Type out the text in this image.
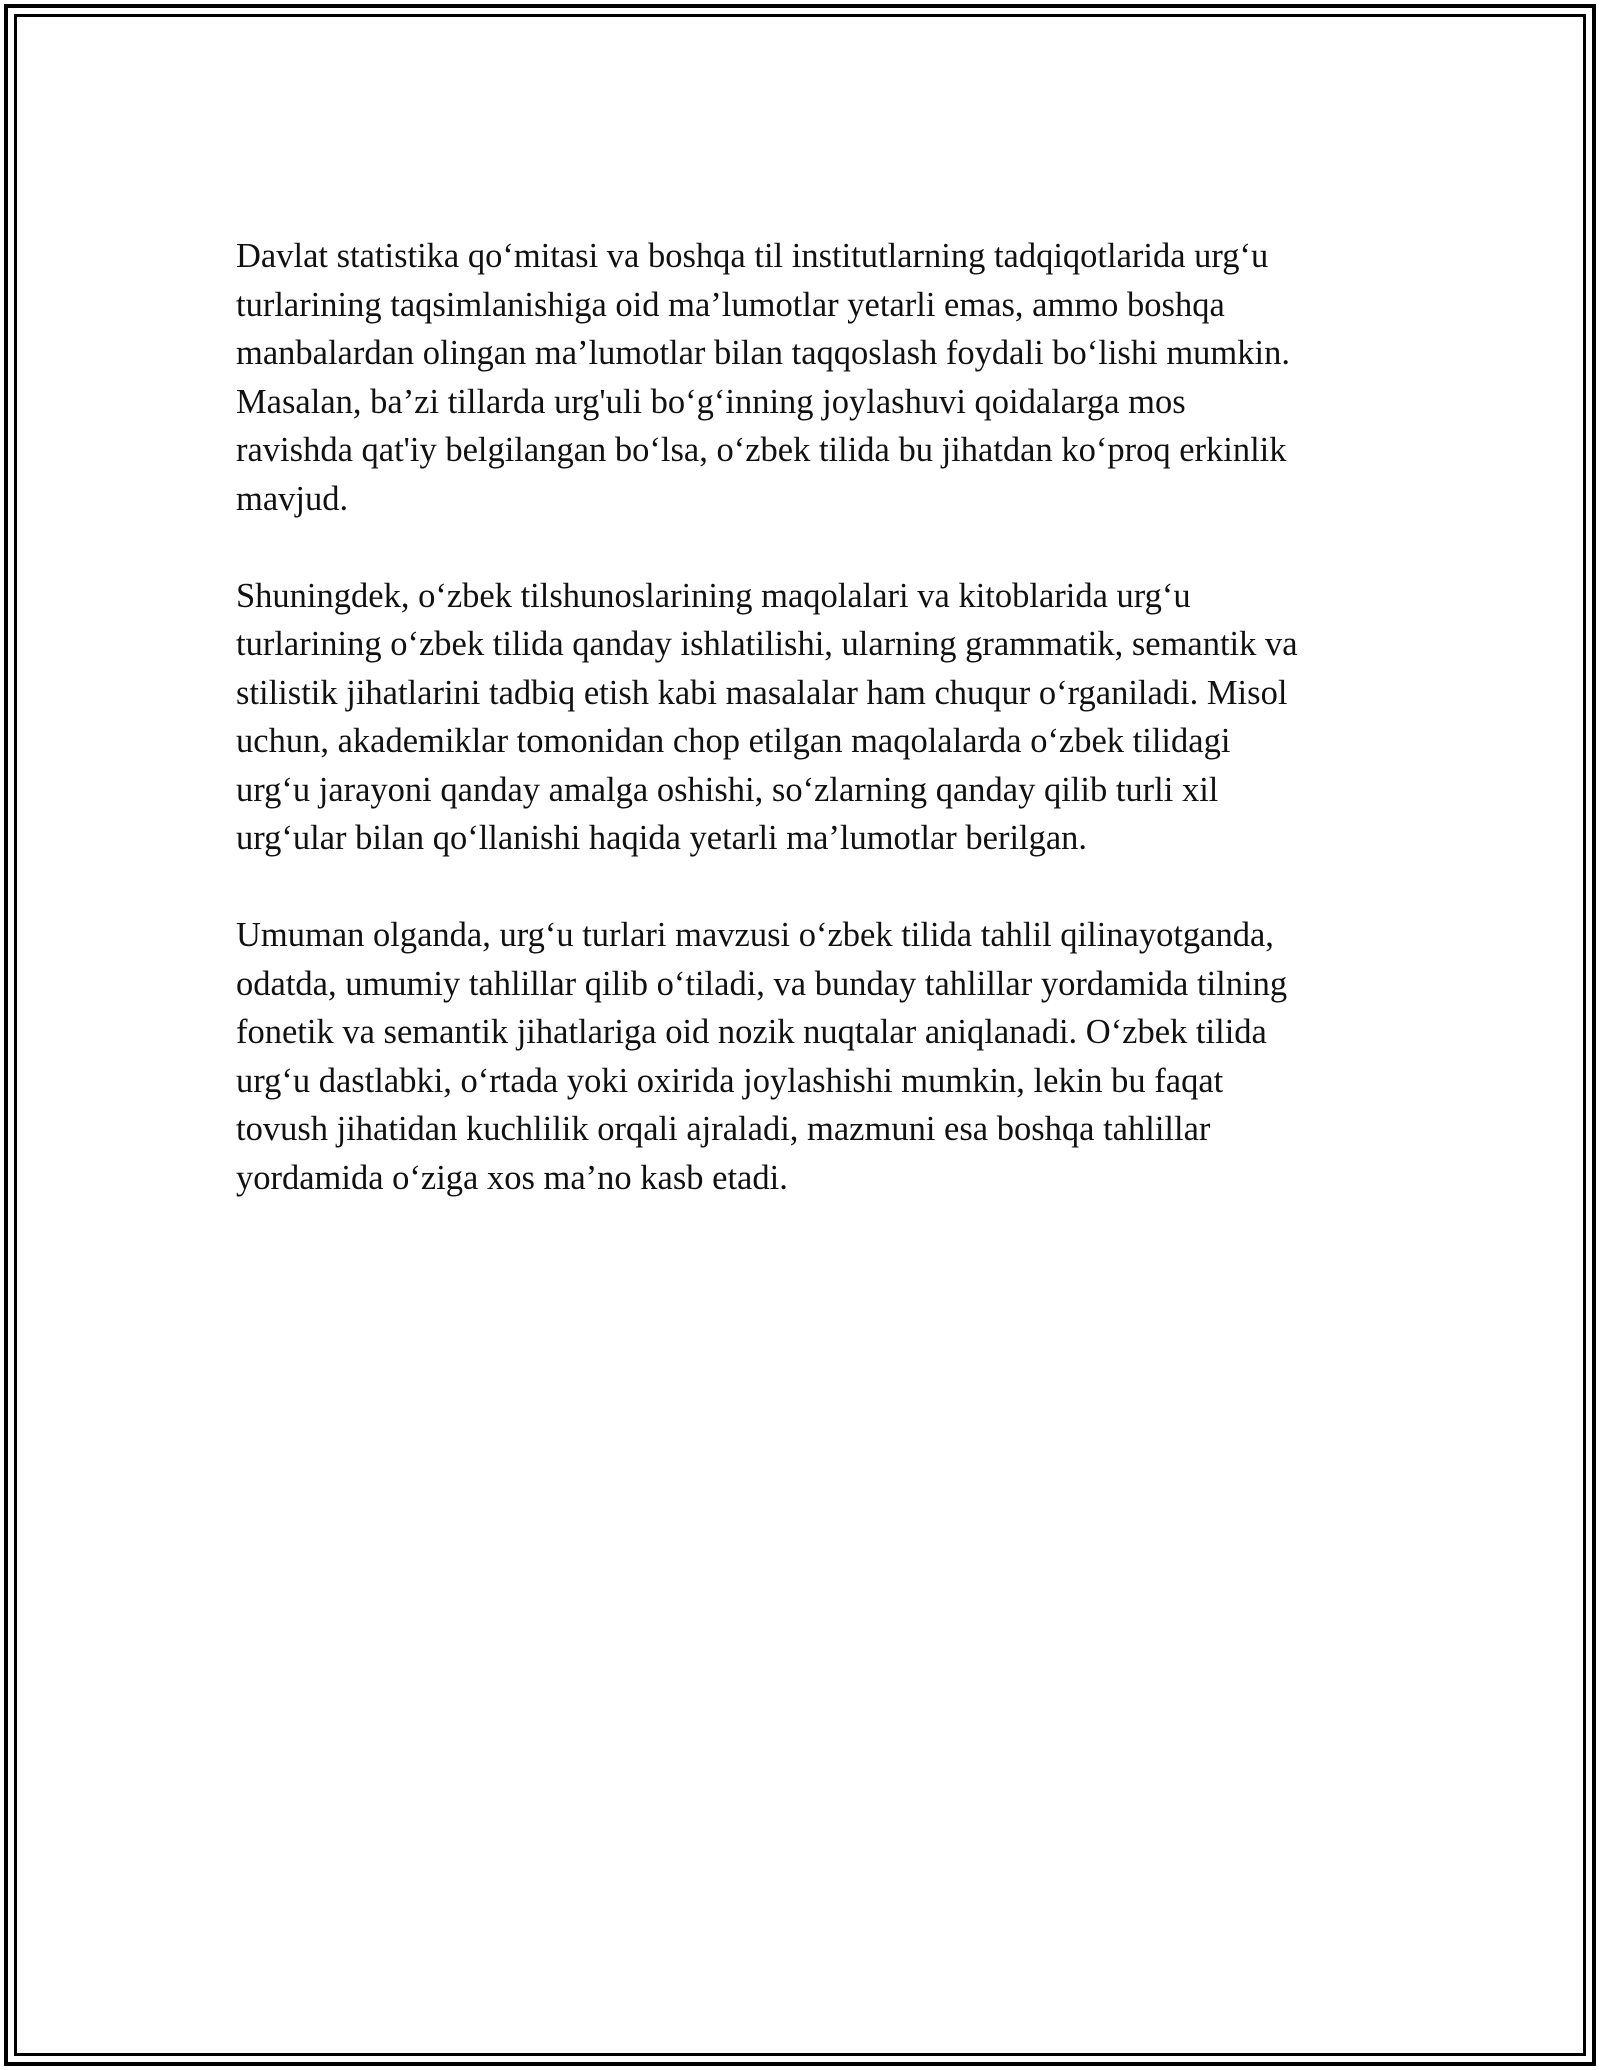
Davlat statistika qo‘mitasi va boshqa til institutlarning tadqiqotlarida urg‘u
turlarining taqsimlanishiga oid ma’lumotlar yetarli emas, ammo boshqa
manbalardan olingan ma’lumotlar bilan taqqoslash foydali bo‘lishi mumkin.
Masalan, ba’zi tillarda urg'uli bo‘g‘inning joylashuvi qoidalarga mos
ravishda qat'iy belgilangan bo‘lsa, o‘zbek tilida bu jihatdan ko‘proq erkinlik
mavjud.

Shuningdek, o‘zbek tilshunoslarining maqolalari va kitoblarida urg‘u
turlarining o‘zbek tilida qanday ishlatilishi, ularning grammatik, semantik va
stilistik jihatlarini tadbiq etish kabi masalalar ham chuqur o‘rganiladi. Misol
uchun, akademiklar tomonidan chop etilgan maqolalarda o‘zbek tilidagi
urg‘u jarayoni qanday amalga oshishi, so‘zlarning qanday qilib turli xil
urg‘ular bilan qo‘llanishi haqida yetarli ma’lumotlar berilgan.

Umuman olganda, urg‘u turlari mavzusi o‘zbek tilida tahlil qilinayotganda,
odatda, umumiy tahlillar qilib o‘tiladi, va bunday tahlillar yordamida tilning
fonetik va semantik jihatlariga oid nozik nuqtalar aniqlanadi. O‘zbek tilida
urg‘u dastlabki, o‘rtada yoki oxirida joylashishi mumkin, lekin bu faqat
tovush jihatidan kuchlilik orqali ajraladi, mazmuni esa boshqa tahlillar
yordamida o‘ziga xos ma’no kasb etadi.
